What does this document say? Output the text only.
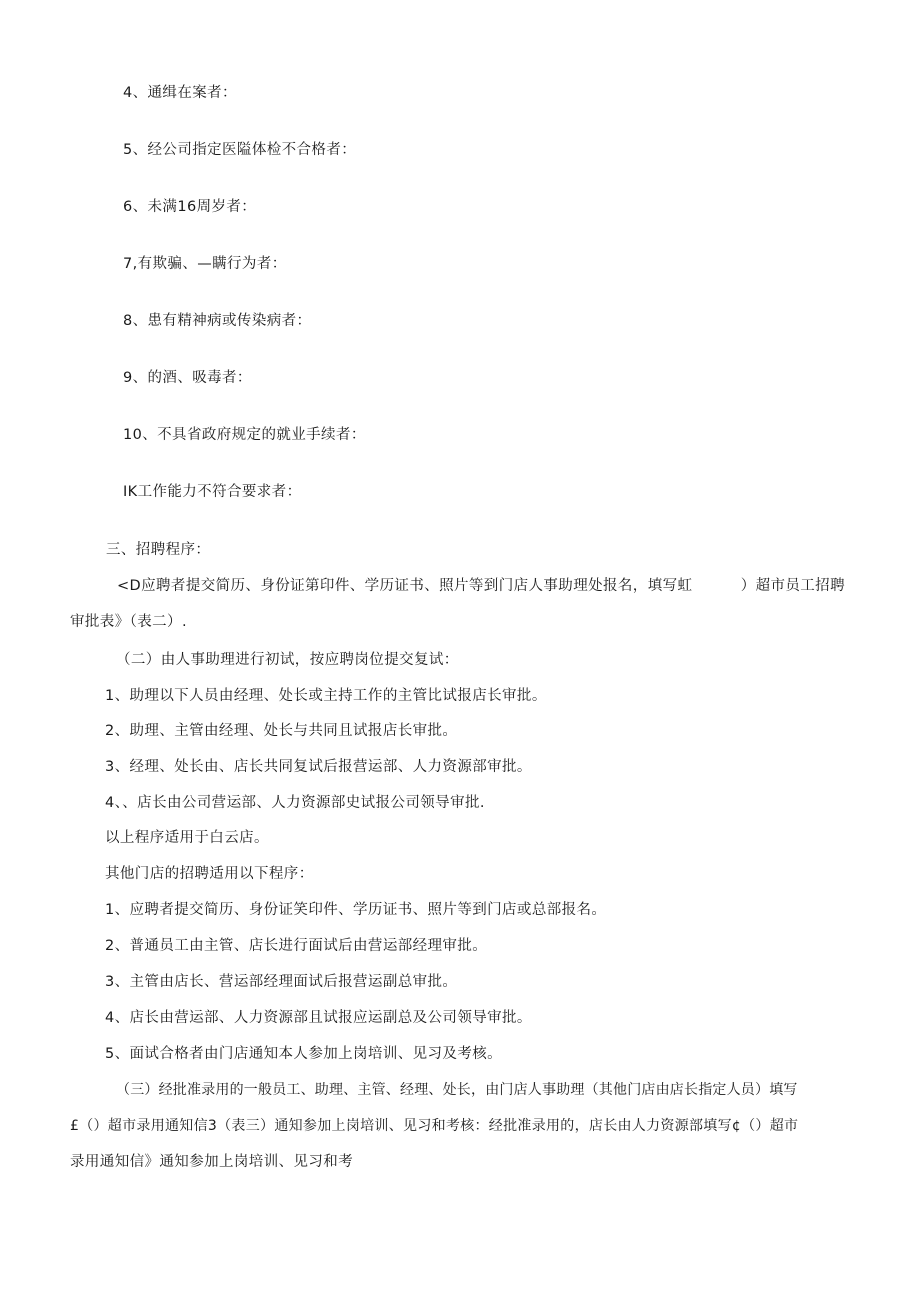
4、通缉在案者：
5、经公司指定医隘体检不合格者：
6、未满16周岁者：
7,有欺骗、—瞒行为者：
8、患有精神病或传染病者：
9、的酒、吸毒者：
10、不具省政府规定的就业手续者：
IK工作能力不符合要求者：
三、招聘程序：
<D应聘者提交简历、身份证第印件、学历证书、照片等到门店人事助理处报名，填写虹	）超市员工招聘
审批表》（表二）.
（二）由人事助理进行初试，按应聘岗位提交复试：
1、助理以下人员由经理、处长或主持工作的主管比试报店长审批。
2、助理、主管由经理、处长与共同且试报店长审批。
3、经理、处长由、店长共同复试后报营运部、人力资源部审批。
4、、店长由公司营运部、人力资源部史试报公司领导审批.
以上程序适用于白云店。
其他门店的招聘适用以下程序：
1、应聘者提交简历、身份证笑印件、学历证书、照片等到门店或总部报名。
2、普通员工由主管、店长进行面试后由营运部经理审批。
3、主管由店长、营运部经理面试后报营运副总审批。
4、店长由营运部、人力资源部且试报应运副总及公司领导审批。
5、面试合格者由门店通知本人参加上岗培训、见习及考核。
（三）经批准录用的一般员工、助理、主管、经理、处长，由门店人事助理（其他门店由店长指定人员）填写
£（）超市录用通知信3（表三）通知参加上岗培训、见习和考核：经批准录用的，店长由人力资源部填写¢（）超市
录用通知信》通知参加上岗培训、见习和考
